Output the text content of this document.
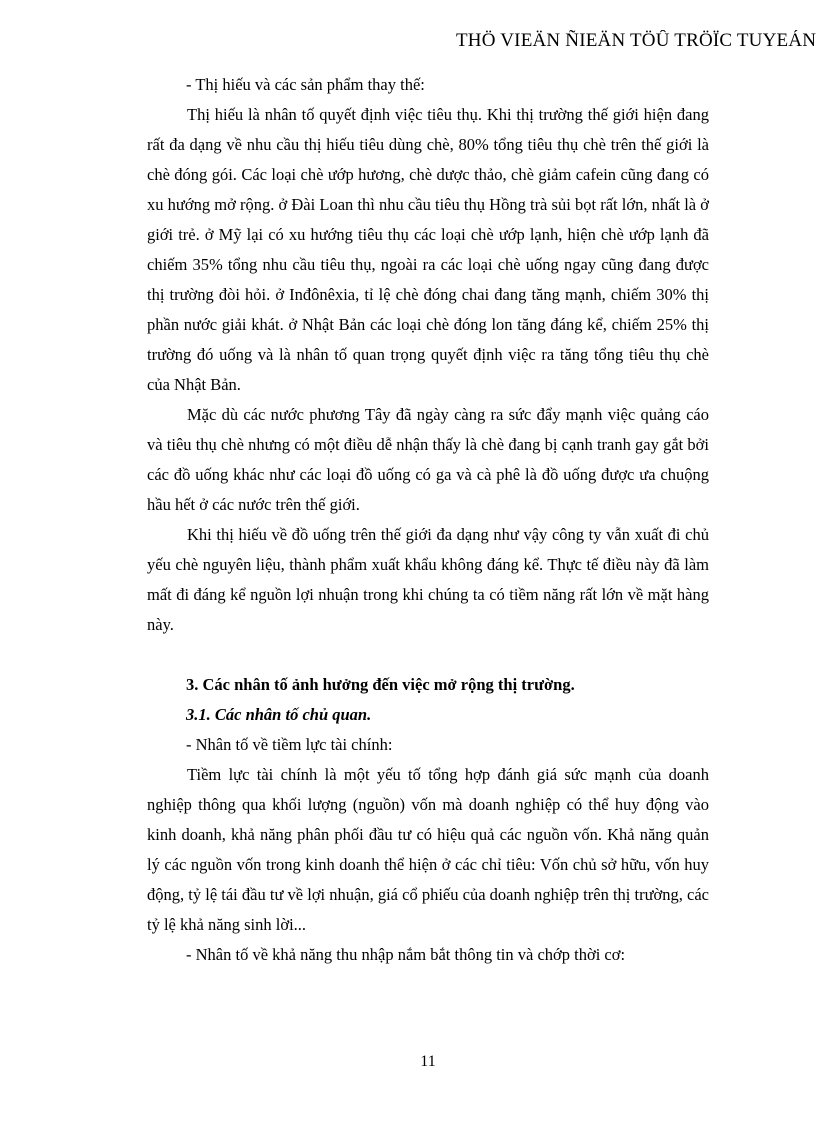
THÖ VIEÄN ÑIEÄN TÖÛ TRÖÏC TUYEÁN

- Thị hiếu và các sản phẩm thay thế:

Thị hiếu là nhân tố quyết định việc tiêu thụ. Khi thị trường thế giới hiện đang rất đa dạng về nhu cầu thị hiếu tiêu dùng chè, 80% tổng tiêu thụ chè trên thế giới là chè đóng gói. Các loại chè ướp hương, chè dược thảo, chè giảm cafein cũng đang có xu hướng mở rộng. ở Đài Loan thì nhu cầu tiêu thụ Hồng trà sủi bọt rất lớn, nhất là ở giới trẻ. ở Mỹ lại có xu hướng tiêu thụ các loại chè ướp lạnh, hiện chè ướp lạnh đã chiếm 35% tổng nhu cầu tiêu thụ, ngoài ra các loại chè uống ngay cũng đang được thị trường đòi hỏi. ở Inđônêxia, tỉ lệ chè đóng chai đang tăng mạnh, chiếm 30% thị phần nước giải khát. ở Nhật Bản các loại chè đóng lon tăng đáng kể, chiếm 25% thị trường đó uống và là nhân tố quan trọng quyết định việc ra tăng tổng tiêu thụ chè của Nhật Bản.

Mặc dù các nước phương Tây đã ngày càng ra sức đẩy mạnh việc quảng cáo và tiêu thụ chè nhưng có một điều dễ nhận thấy là chè đang bị cạnh tranh gay gắt bởi các đồ uống khác như các loại đồ uống có ga và cà phê là đồ uống được ưa chuộng hầu hết ở các nước trên thế giới.

Khi thị hiếu về đồ uống trên thế giới đa dạng như vậy công ty vẫn xuất đi chủ yếu chè nguyên liệu, thành phẩm xuất khẩu không đáng kể. Thực tế điều này đã làm mất đi đáng kể nguồn lợi nhuận trong khi chúng ta có tiềm năng rất lớn về mặt hàng này.

3. Các nhân tố ảnh hưởng đến việc mở rộng thị trường.

3.1. Các nhân tố chủ quan.

- Nhân tố về tiềm lực tài chính:

Tiềm lực tài chính là một yếu tố tổng hợp đánh giá sức mạnh của doanh nghiệp thông qua khối lượng (nguồn) vốn mà doanh nghiệp có thể huy động vào kinh doanh, khả năng phân phối đầu tư có hiệu quả các nguồn vốn. Khả năng quản lý các nguồn vốn trong kinh doanh thể hiện ở các chỉ tiêu: Vốn chủ sở hữu, vốn huy động, tỷ lệ tái đầu tư về lợi nhuận, giá cổ phiếu của doanh nghiệp trên thị trường, các tỷ lệ khả năng sinh lời...

- Nhân tố về khả năng thu nhập nắm bắt thông tin và chớp thời cơ:

11
